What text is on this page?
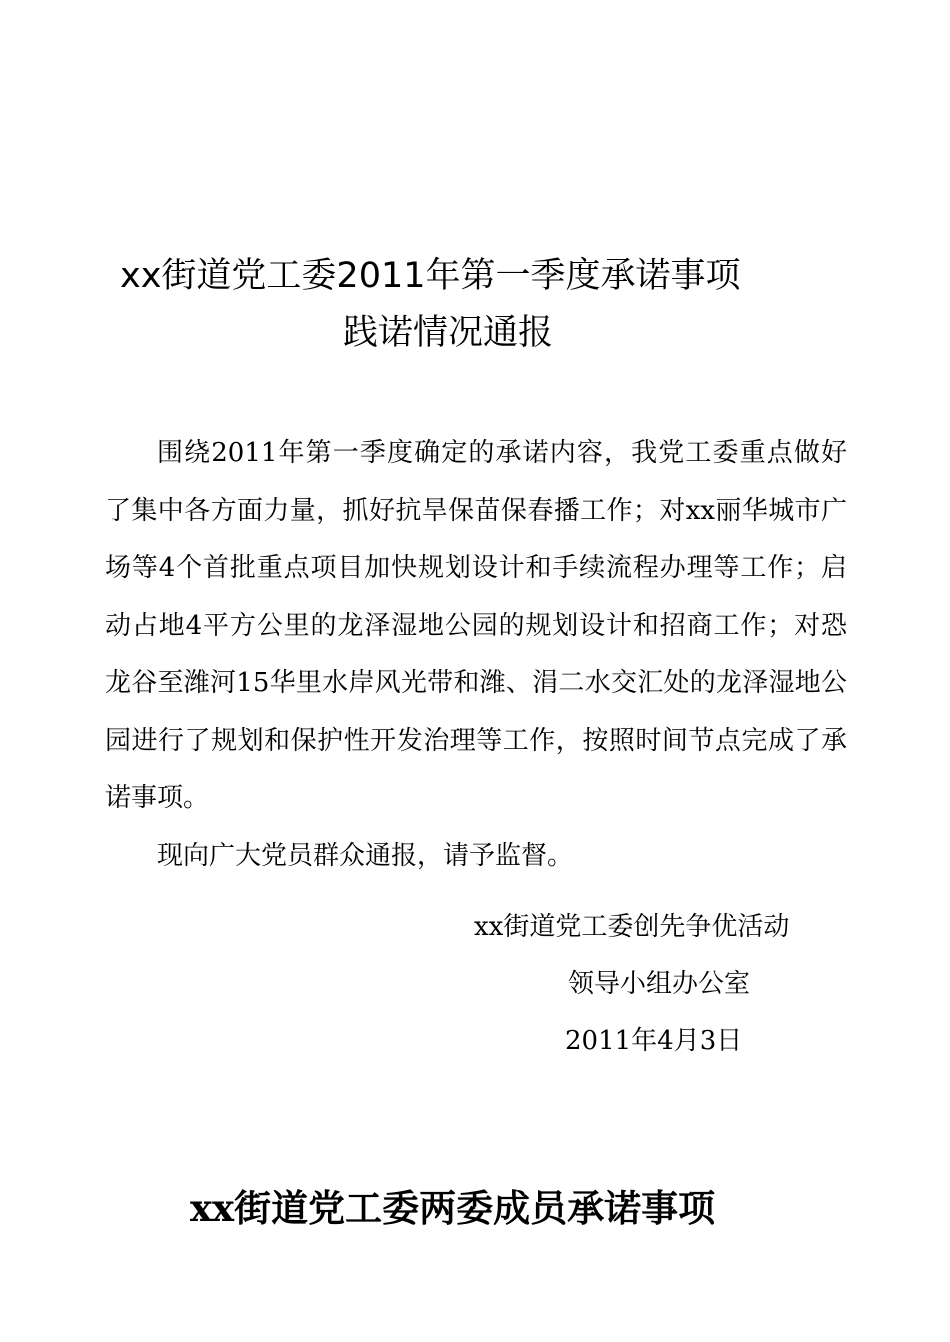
xx街道党工委2011年第一季度承诺事项
践诺情况通报

围绕2011年第一季度确定的承诺内容，我党工委重点做好了集中各方面力量，抓好抗旱保苗保春播工作；对xx丽华城市广场等4个首批重点项目加快规划设计和手续流程办理等工作；启动占地4平方公里的龙泽湿地公园的规划设计和招商工作；对恐龙谷至潍河15华里水岸风光带和潍、涓二水交汇处的龙泽湿地公园进行了规划和保护性开发治理等工作，按照时间节点完成了承诺事项。

现向广大党员群众通报，请予监督。

xx街道党工委创先争优活动
领导小组办公室
2011年4月3日
xx街道党工委两委成员承诺事项
